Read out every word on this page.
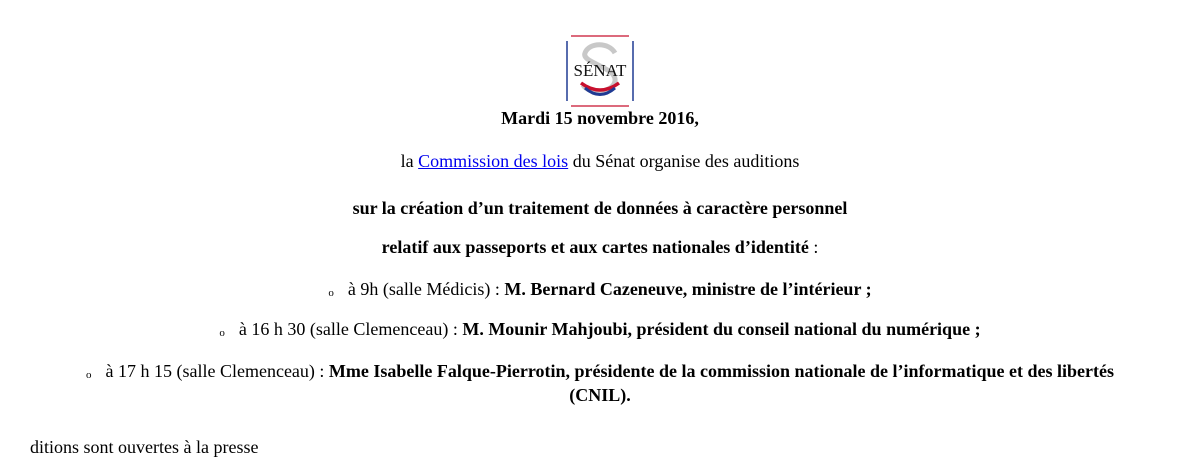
SÉNAT
Mardi 15 novembre 2016,
la Commission des lois du Sénat organise des auditions
sur la création d’un traitement de données à caractère personnel
relatif aux passeports et aux cartes nationales d’identité :
o à 9h (salle Médicis) : M. Bernard Cazeneuve, ministre de l’intérieur ;
o à 16 h 30 (salle Clemenceau) : M. Mounir Mahjoubi, président du conseil national du numérique ;
o à 17 h 15 (salle Clemenceau) : Mme Isabelle Falque-Pierrotin, présidente de la commission nationale de l’informatique et des libertés
(CNIL).
ditions sont ouvertes à la presse
